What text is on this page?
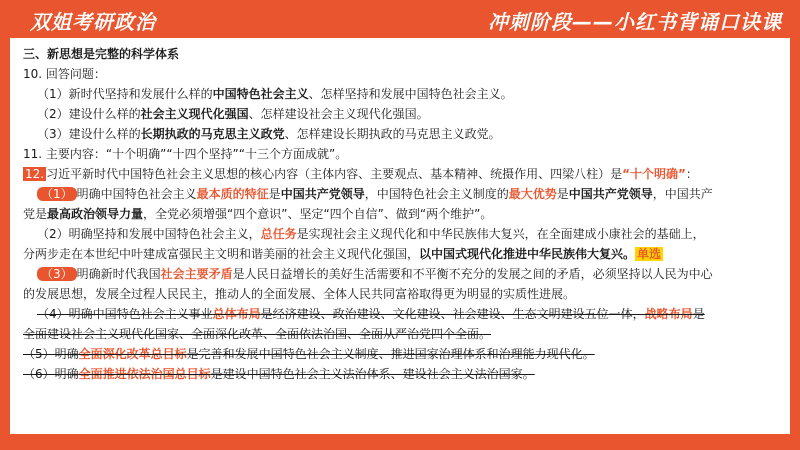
双姐考研政治	冲刺阶段——小红书背诵口诀课

三、新思想是完整的科学体系

10. 回答问题：

（1）新时代坚持和发展什么样的中国特色社会主义、怎样坚持和发展中国特色社会主义。

（2）建设什么样的社会主义现代化强国、怎样建设社会主义现代化强国。

（3）建设什么样的长期执政的马克思主义政党、怎样建设长期执政的马克思主义政党。

11. 主要内容：“十个明确”“十四个坚持”“十三个方面成就”。

12. 习近平新时代中国特色社会主义思想的核心内容（主体内容、主要观点、基本精神、统摄作用、四梁八柱）是“十个明确”：

（1） 明确中国特色社会主义最本质的特征是中国共产党领导，中国特色社会主义制度的最大优势是中国共产党领导，中国共产

党是最高政治领导力量，全党必须增强“四个意识”、坚定“四个自信”、做到“两个维护”。

（2）明确坚持和发展中国特色社会主义，总任务是实现社会主义现代化和中华民族伟大复兴，在全面建成小康社会的基础上，

分两步走在本世纪中叶建成富强民主文明和谐美丽的社会主义现代化强国，以中国式现代化推进中华民族伟大复兴。 单选

（3） 明确新时代我国社会主要矛盾是人民日益增长的美好生活需要和不平衡不充分的发展之间的矛盾，必须坚持以人民为中心

的发展思想，发展全过程人民民主，推动人的全面发展、全体人民共同富裕取得更为明显的实质性进展。

（4）明确中国特色社会主义事业总体布局是经济建设、政治建设、文化建设、社会建设、生态文明建设五位一体，战略布局是

全面建设社会主义现代化国家、全面深化改革、全面依法治国、全面从严治党四个全面。

（5）明确全面深化改革总目标是完善和发展中国特色社会主义制度、推进国家治理体系和治理能力现代化。

（6）明确全面推进依法治国总目标是建设中国特色社会主义法治体系、建设社会主义法治国家。
